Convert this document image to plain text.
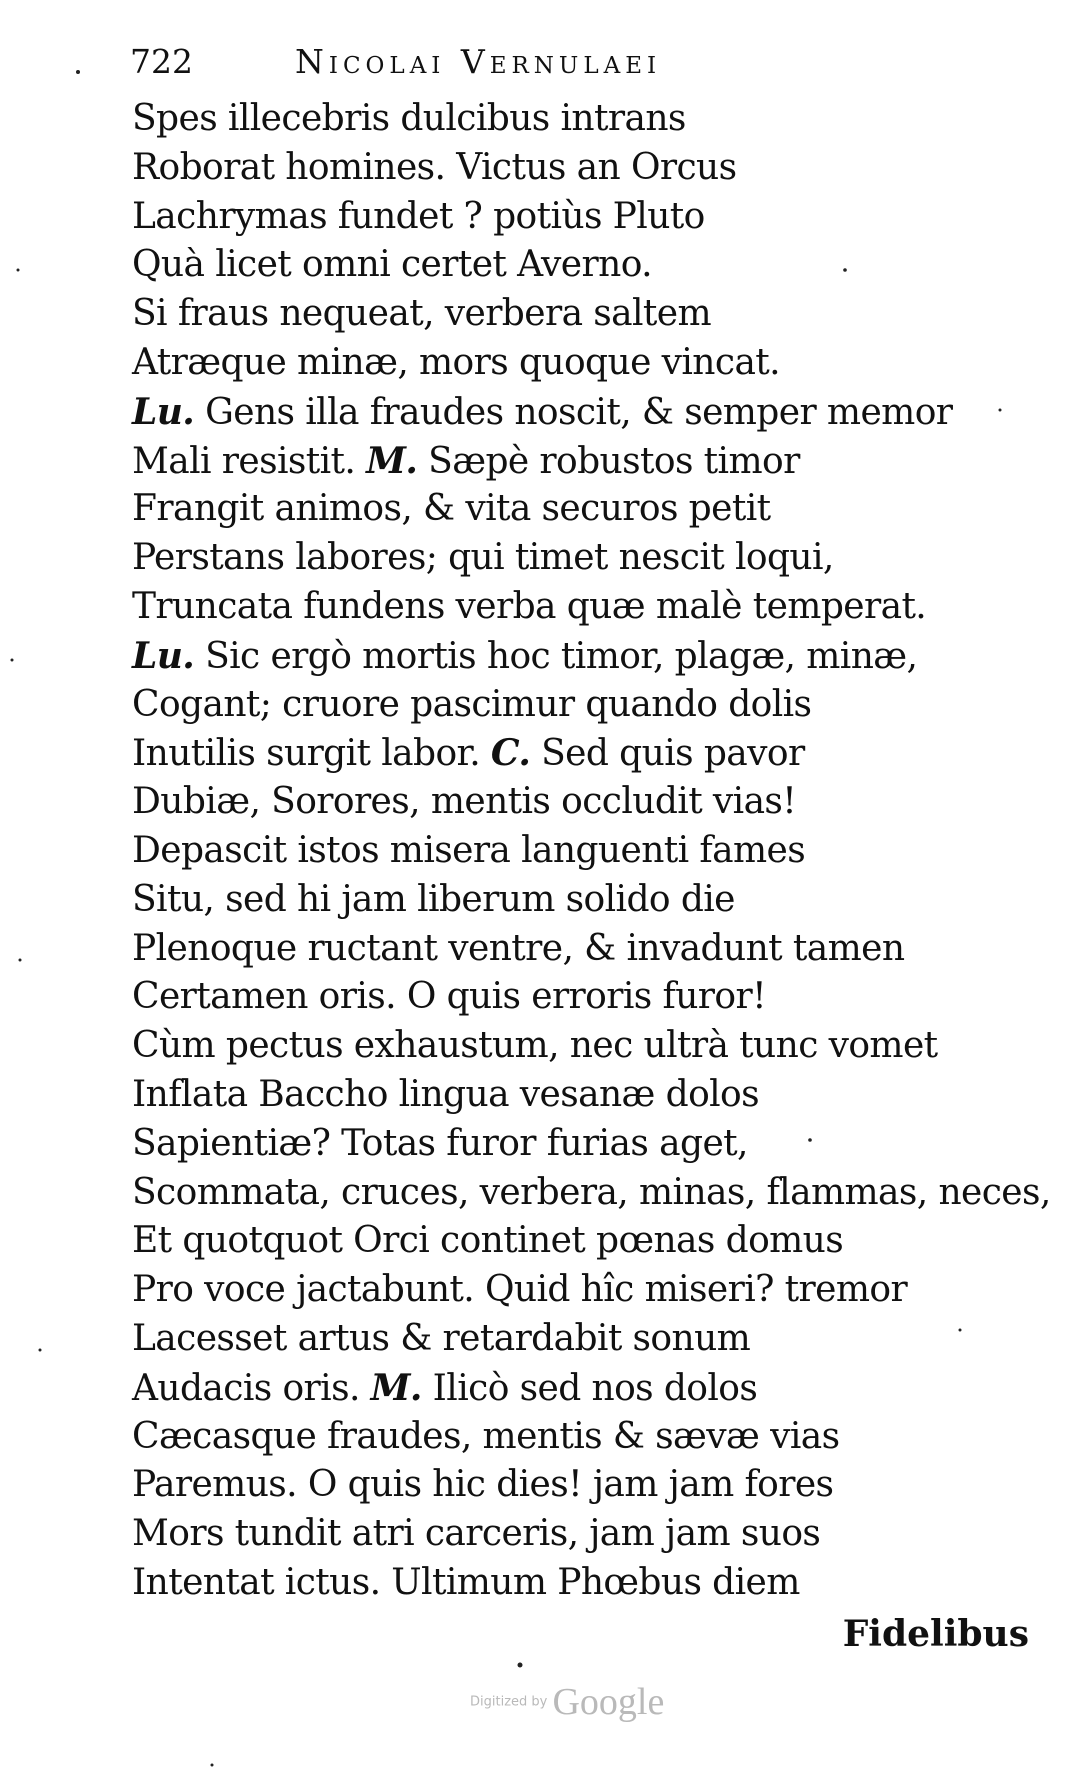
722	Nicolai Vernulaei
Spes illecebris dulcibus intrans
Roborat homines. Victus an Orcus
Lachrymas fundet ? potiùs Pluto
Quà licet omni certet Averno.
Si fraus nequeat, verbera saltem
Atræque minæ, mors quoque vincat.
Lu. Gens illa fraudes noscit, & semper memor
Mali resistit. M. Sæpè robustos timor
Frangit animos, & vita securos petit
Perstans labores; qui timet nescit loqui,
Truncata fundens verba quæ malè temperat.
Lu. Sic ergò mortis hoc timor, plagæ, minæ,
Cogant; cruore pascimur quando dolis
Inutilis surgit labor. C. Sed quis pavor
Dubiæ, Sorores, mentis occludit vias!
Depascit istos misera languenti fames
Situ, sed hi jam liberum solido die
Plenoque ructant ventre, & invadunt tamen
Certamen oris. O quis erroris furor!
Cùm pectus exhaustum, nec ultrà tunc vomet
Inflata Baccho lingua vesanæ dolos
Sapientiæ? Totas furor furias aget,
Scommata, cruces, verbera, minas, flammas, neces,
Et quotquot Orci continet pœnas domus
Pro voce jactabunt. Quid hîc miseri? tremor
Lacesset artus & retardabit sonum
Audacis oris. M. Ilicò sed nos dolos
Cæcasque fraudes, mentis & sævæ vias
Paremus. O quis hic dies! jam jam fores
Mors tundit atri carceris, jam jam suos
Intentat ictus. Ultimum Phœbus diem
Fidelibus
Digitized by Google
